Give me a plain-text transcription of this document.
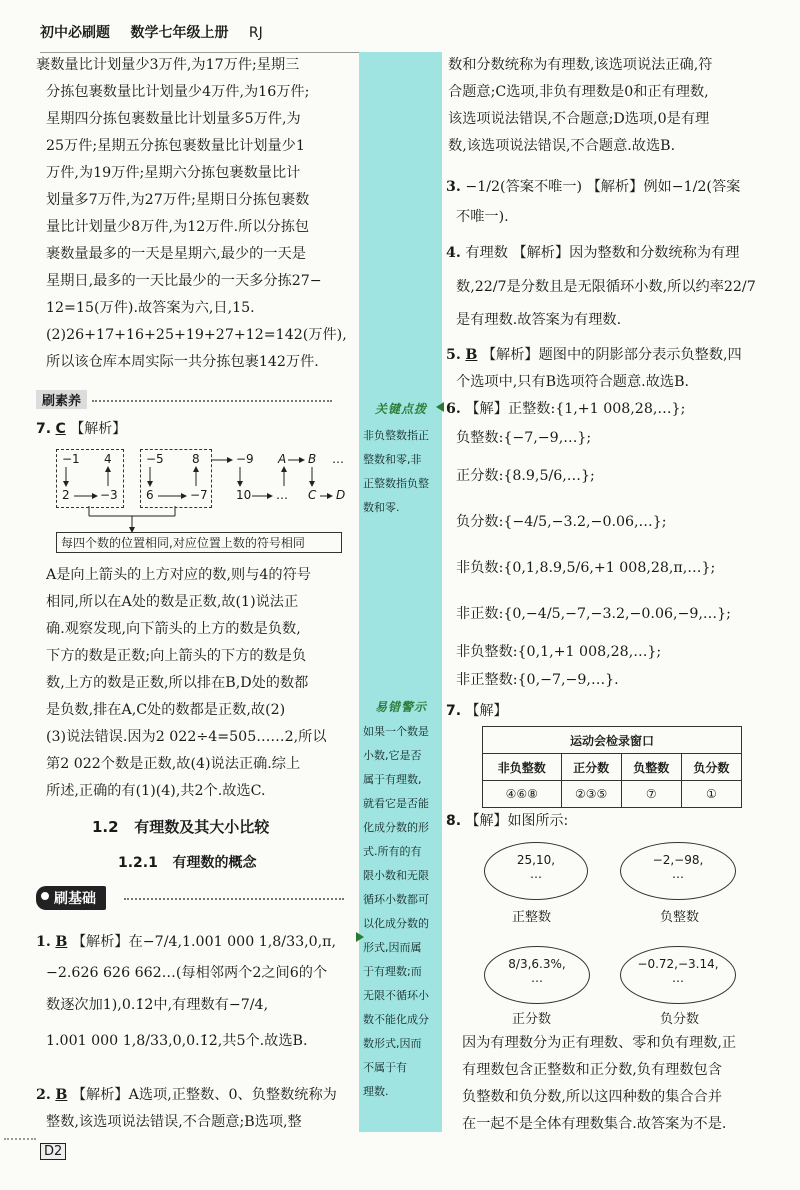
初中必刷题 数学七年级上册 RJ
关键点拨
非负整数指正
整数和零,非
正整数指负整
数和零.
易错警示
如果一个数是
小数,它是否
属于有理数,
就看它是否能
化成分数的形
式.所有的有
限小数和无限
循环小数都可
以化成分数的
形式,因而属
于有理数;而
无限不循环小
数不能化成分
数形式,因而
不属于有
理数.

裹数量比计划量少3万件,为17万件;星期三

分拣包裹数量比计划量少4万件,为16万件;

星期四分拣包裹数量比计划量多5万件,为

25万件;星期五分拣包裹数量比计划量少1

万件,为19万件;星期六分拣包裹数量比计

划量多7万件,为27万件;星期日分拣包裹数

量比计划量少8万件,为12万件.所以分拣包

裹数量最多的一天是星期六,最少的一天是

星期日,最多的一天比最少的一天多分拣27−

12=15(万件).故答案为六,日,15.

(2)26+17+16+25+19+27+12=142(万件),

所以该仓库本周实际一共分拣包裹142万件.

刷素养
7. C 【解析】
−1 4
2	−3
−5 8
6	−7
−9
10 …
A B
C D
…
每四个数的位置相同,对应位置上数的符号相同

A是向上箭头的上方对应的数,则与4的符号

相同,所以在A处的数是正数,故(1)说法正

确.观察发现,向下箭头的上方的数是负数,

下方的数是正数;向上箭头的下方的数是负

数,上方的数是正数,所以排在B,D处的数都

是负数,排在A,C处的数都是正数,故(2)

(3)说法错误.因为2 022÷4=505……2,所以

第2 022个数是正数,故(4)说法正确.综上

所述,正确的有(1)(4),共2个.故选C.

1.2 有理数及其大小比较
1.2.1 有理数的概念
刷基础

1. B 【解析】在−7/4,1.001 000 1,8/33,0,π,

−2.626 626 662…(每相邻两个2之间6的个

数逐次加1),0.1̇2̇中,有理数有−7/4,

1.001 000 1,8/33,0,0.1̇2̇,共5个.故选B.

2. B 【解析】A选项,正整数、0、负整数统称为

整数,该选项说法错误,不合题意;B选项,整

数和分数统称为有理数,该选项说法正确,符

合题意;C选项,非负有理数是0和正有理数,

该选项说法错误,不合题意;D选项,0是有理

数,该选项说法错误,不合题意.故选B.

3. −1/2(答案不唯一) 【解析】例如−1/2(答案

不唯一).

4. 有理数 【解析】因为整数和分数统称为有理

数,22/7是分数且是无限循环小数,所以约率22/7

是有理数.故答案为有理数.

5. B 【解析】题图中的阴影部分表示负整数,四

个选项中,只有B选项符合题意.故选B.

6. 【解】正整数:{1,+1 008,28,…};

负整数:{−7,−9,…};

正分数:{8.9,5/6,…};

负分数:{−4/5,−3.2,−0.06,…};

非负数:{0,1,8.9,5/6,+1 008,28,π,…};

非正数:{0,−4/5,−7,−3.2,−0.06,−9,…};

非负整数:{0,1,+1 008,28,…};

非正整数:{0,−7,−9,…}.

7. 【解】
运动会检录窗口			
非负整数	正分数	负整数	负分数
④⑥⑧	②③⑤	⑦	①
8. 【解】如图所示:
25,10,
…
正整数
−2,−98,
…
负整数
8/3,6.3%,
…
正分数
−0.72,−3.14,
…
负分数

因为有理数分为正有理数、零和负有理数,正

有理数包含正整数和正分数,负有理数包含

负整数和负分数,所以这四种数的集合合并

在一起不是全体有理数集合.故答案为不是.

D2
